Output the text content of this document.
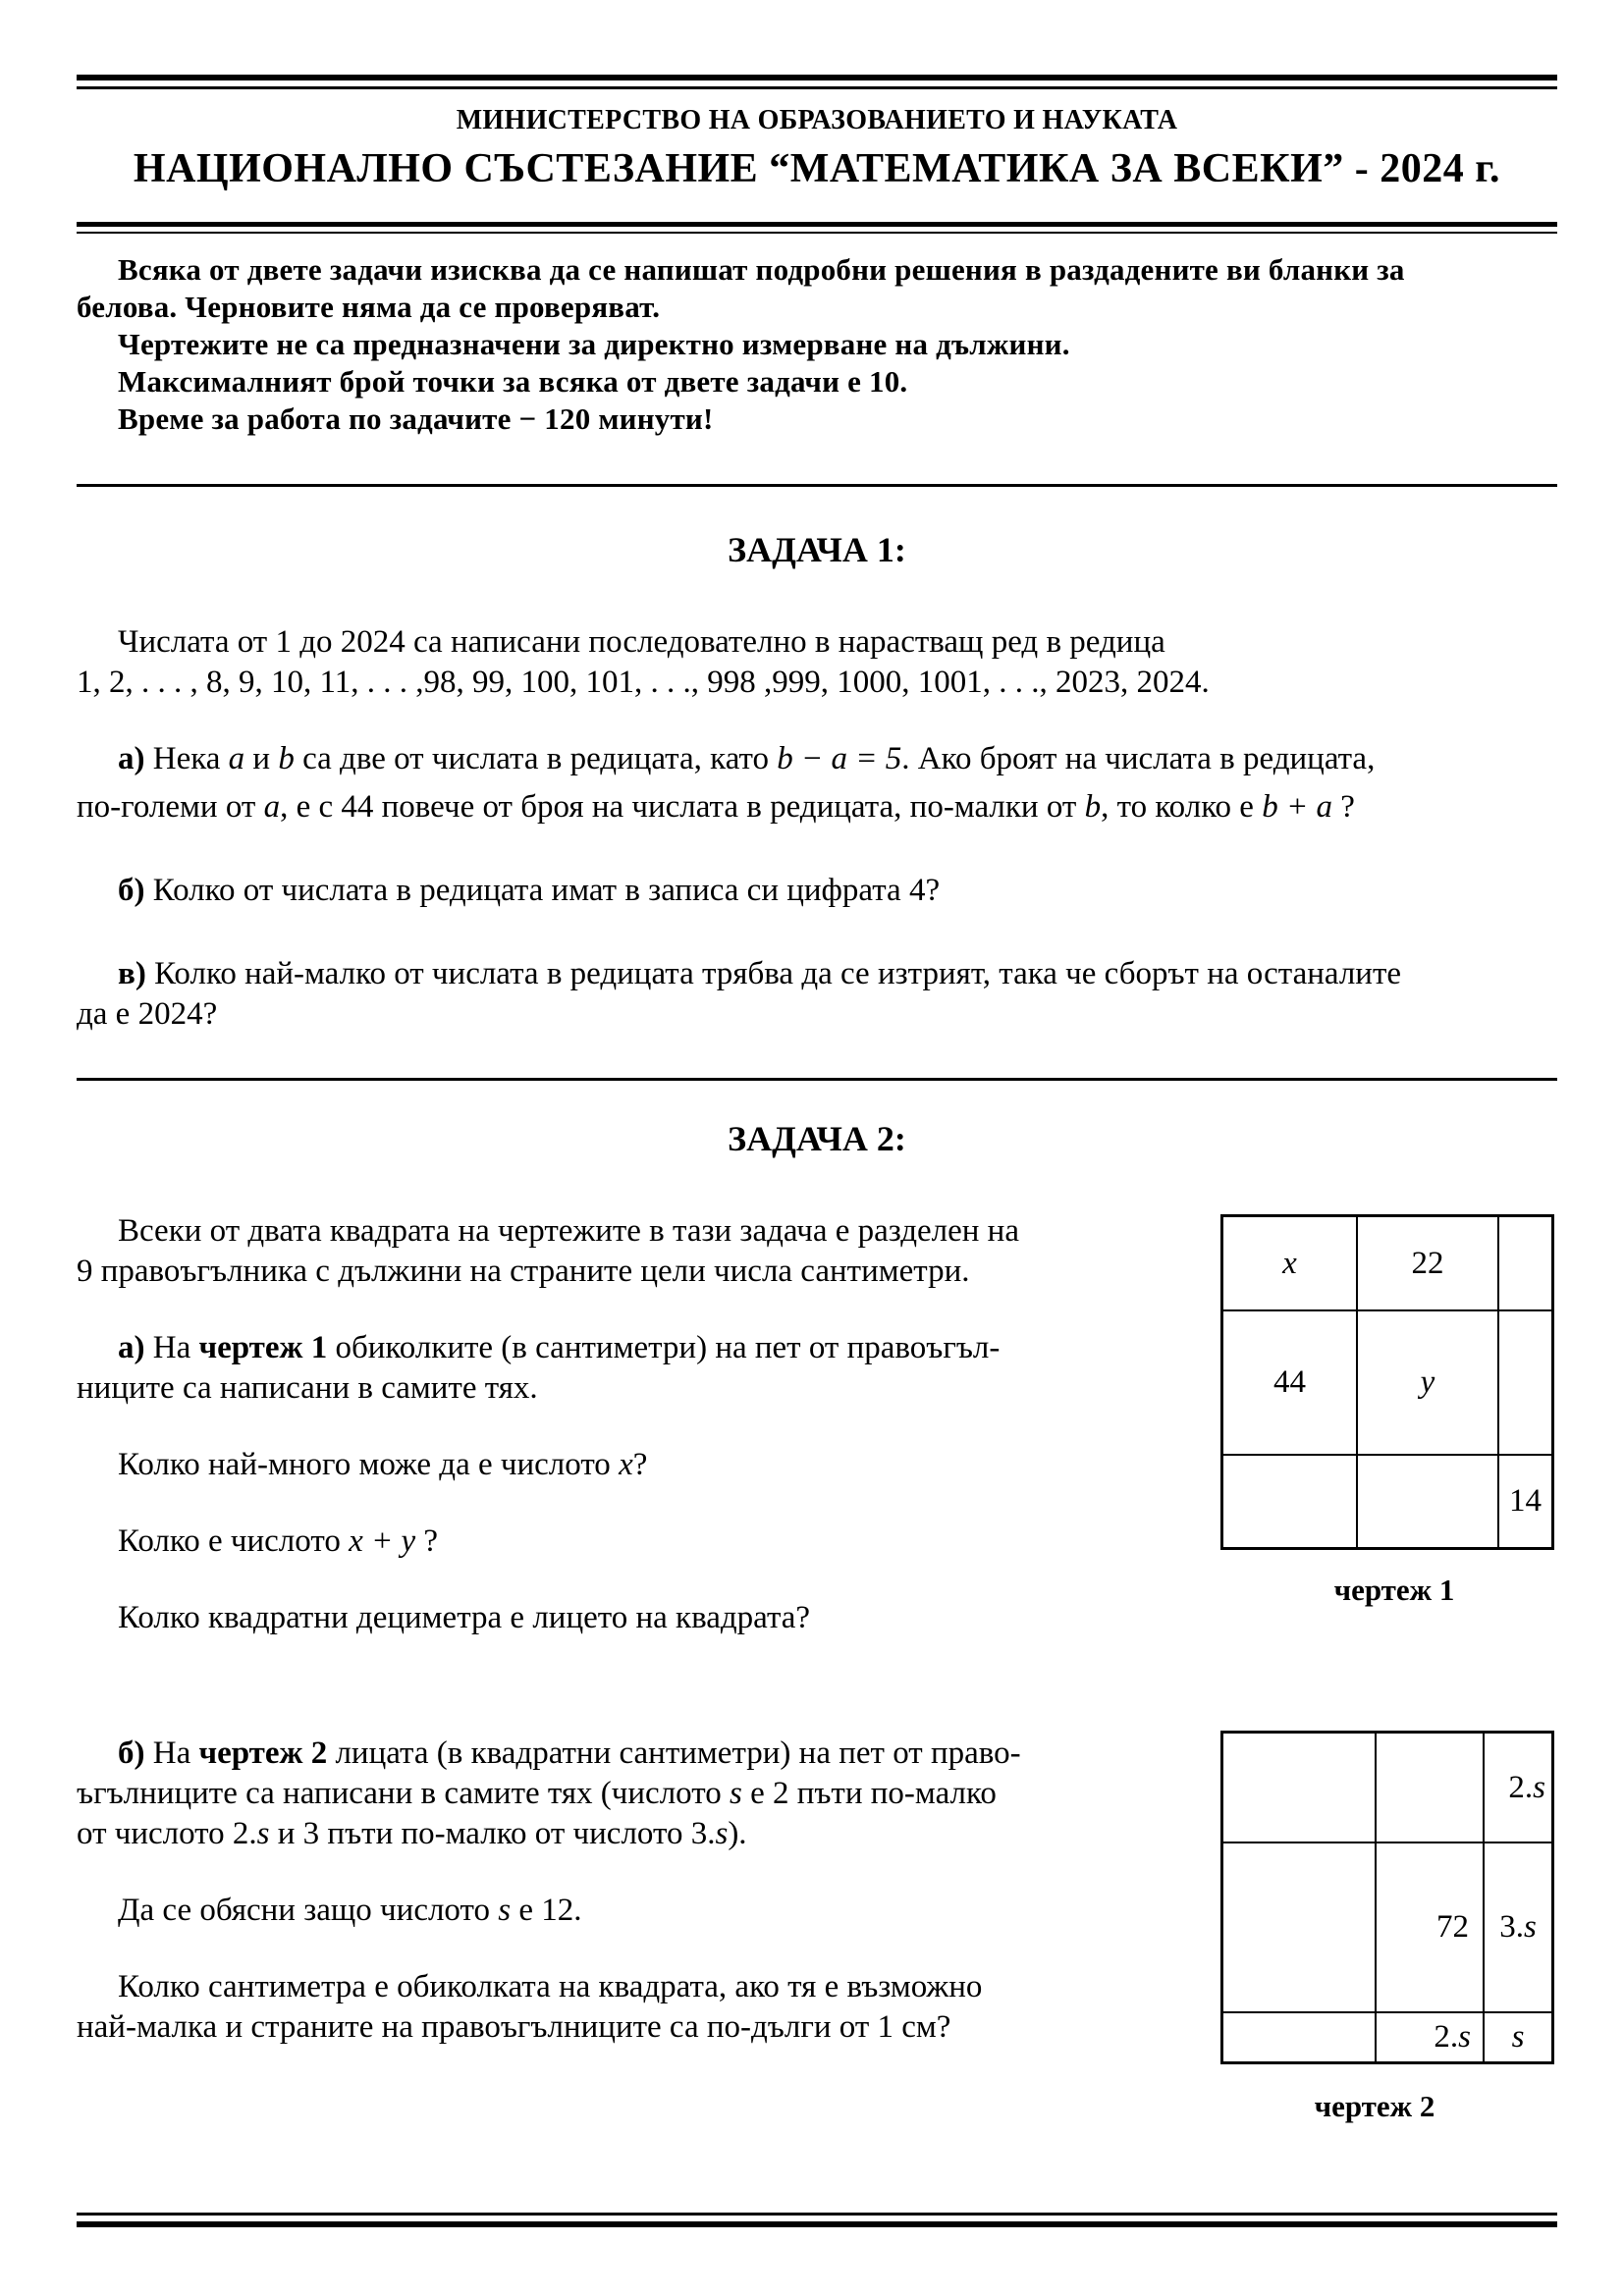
МИНИСТЕРСТВО НА ОБРАЗОВАНИЕТО И НАУКАТА
НАЦИОНАЛНО СЪСТЕЗАНИЕ “МАТЕМАТИКА ЗА ВСЕКИ” - 2024 г.

Всяка от двете задачи изисква да се напишат подробни решения в раздадените ви бланки за

белова. Черновите няма да се проверяват.

Чертежите не са предназначени за директно измерване на дължини.

Максималният брой точки за всяка от двете задачи е 10.

Време за работа по задачите − 120 минути!

ЗАДАЧА 1:

Числата от 1 до 2024 са написани последователно в нарастващ ред в редица

1, 2, . . . , 8, 9, 10, 11, . . . ,98, 99, 100, 101, . . ., 998 ,999, 1000, 1001, . . ., 2023, 2024.

а) Нека a и b са две от числата в редицата, като b − a = 5. Ако броят на числата в редицата,

по-големи от a, е с 44 повече от броя на числата в редицата, по-малки от b, то колко е b + a ?

б) Колко от числата в редицата имат в записа си цифрата 4?

в) Колко най-малко от числата в редицата трябва да се изтрият, така че сборът на останалите

да е 2024?

ЗАДАЧА 2:

Всеки от двата квадрата на чертежите в тази задача е разделен на

9 правоъгълника с дължини на страните цели числа сантиметри.

а) На чертеж 1 обиколките (в сантиметри) на пет от правоъгъл-

ниците са написани в самите тях.

Колко най-много може да е числото x?

Колко е числото x + y ?

Колко квадратни дециметра е лицето на квадрата?

б) На чертеж 2 лицата (в квадратни сантиметри) на пет от право-

ъгълниците са написани в самите тях (числото s е 2 пъти по-малко

от числото 2.s и 3 пъти по-малко от числото 3.s).

Да се обясни защо числото s е 12.

Колко сантиметра е обиколката на квадрата, ако тя е възможно

най-малка и страните на правоъгълниците са по-дълги от 1 см?

x	22
44	y
14
чертеж 1
2.s
72 3.s
2.s s
чертеж 2
